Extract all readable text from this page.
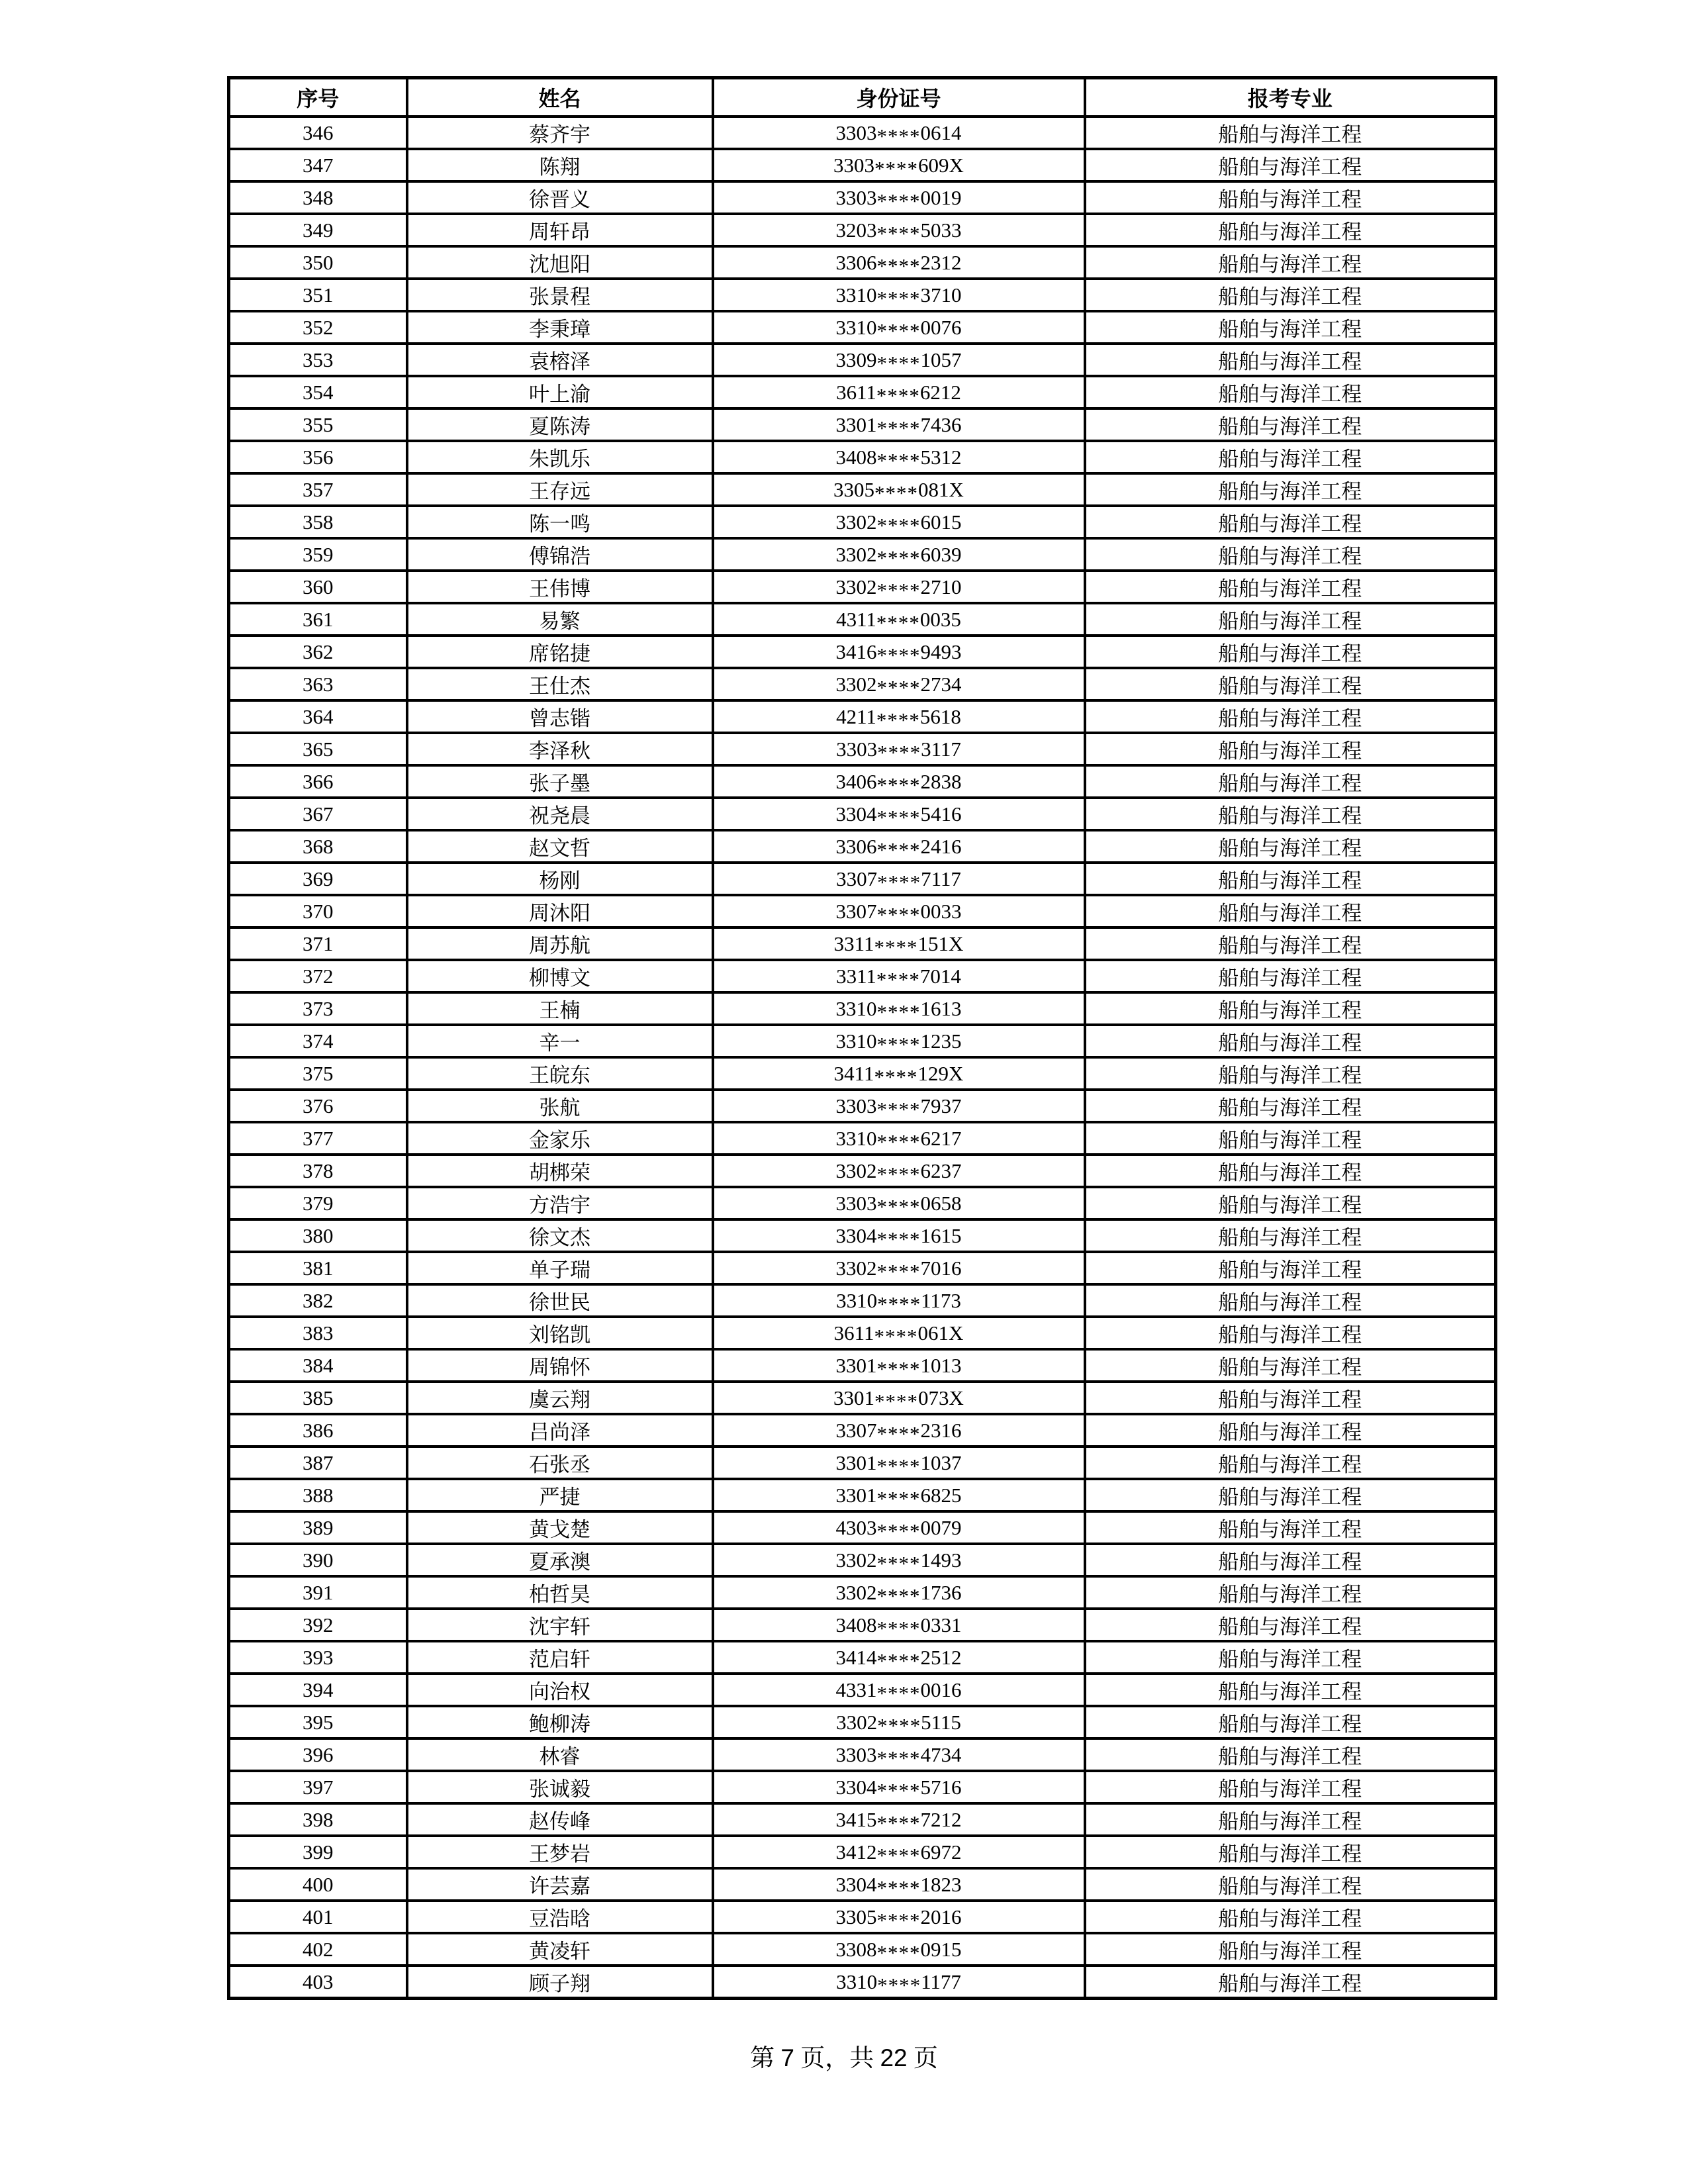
序号	姓名	身份证号	报考专业
346	蔡齐宇	3303****0614	船舶与海洋工程
347	陈翔	3303****609X	船舶与海洋工程
348	徐晋义	3303****0019	船舶与海洋工程
349	周轩昂	3203****5033	船舶与海洋工程
350	沈旭阳	3306****2312	船舶与海洋工程
351	张景程	3310****3710	船舶与海洋工程
352	李秉璋	3310****0076	船舶与海洋工程
353	袁榕泽	3309****1057	船舶与海洋工程
354	叶上渝	3611****6212	船舶与海洋工程
355	夏陈涛	3301****7436	船舶与海洋工程
356	朱凯乐	3408****5312	船舶与海洋工程
357	王存远	3305****081X	船舶与海洋工程
358	陈一鸣	3302****6015	船舶与海洋工程
359	傅锦浩	3302****6039	船舶与海洋工程
360	王伟博	3302****2710	船舶与海洋工程
361	易繁	4311****0035	船舶与海洋工程
362	席铭捷	3416****9493	船舶与海洋工程
363	王仕杰	3302****2734	船舶与海洋工程
364	曾志锴	4211****5618	船舶与海洋工程
365	李泽秋	3303****3117	船舶与海洋工程
366	张子墨	3406****2838	船舶与海洋工程
367	祝尧晨	3304****5416	船舶与海洋工程
368	赵文哲	3306****2416	船舶与海洋工程
369	杨刚	3307****7117	船舶与海洋工程
370	周沐阳	3307****0033	船舶与海洋工程
371	周苏航	3311****151X	船舶与海洋工程
372	柳博文	3311****7014	船舶与海洋工程
373	王楠	3310****1613	船舶与海洋工程
374	辛一	3310****1235	船舶与海洋工程
375	王皖东	3411****129X	船舶与海洋工程
376	张航	3303****7937	船舶与海洋工程
377	金家乐	3310****6217	船舶与海洋工程
378	胡梆荣	3302****6237	船舶与海洋工程
379	方浩宇	3303****0658	船舶与海洋工程
380	徐文杰	3304****1615	船舶与海洋工程
381	单子瑞	3302****7016	船舶与海洋工程
382	徐世民	3310****1173	船舶与海洋工程
383	刘铭凯	3611****061X	船舶与海洋工程
384	周锦怀	3301****1013	船舶与海洋工程
385	虞云翔	3301****073X	船舶与海洋工程
386	吕尚泽	3307****2316	船舶与海洋工程
387	石张丞	3301****1037	船舶与海洋工程
388	严捷	3301****6825	船舶与海洋工程
389	黄戈楚	4303****0079	船舶与海洋工程
390	夏承澳	3302****1493	船舶与海洋工程
391	柏哲昊	3302****1736	船舶与海洋工程
392	沈宇轩	3408****0331	船舶与海洋工程
393	范启轩	3414****2512	船舶与海洋工程
394	向治权	4331****0016	船舶与海洋工程
395	鲍柳涛	3302****5115	船舶与海洋工程
396	林睿	3303****4734	船舶与海洋工程
397	张诚毅	3304****5716	船舶与海洋工程
398	赵传峰	3415****7212	船舶与海洋工程
399	王梦岩	3412****6972	船舶与海洋工程
400	许芸嘉	3304****1823	船舶与海洋工程
401	豆浩晗	3305****2016	船舶与海洋工程
402	黄凌轩	3308****0915	船舶与海洋工程
403	顾子翔	3310****1177	船舶与海洋工程
第 7 页，共 22 页
